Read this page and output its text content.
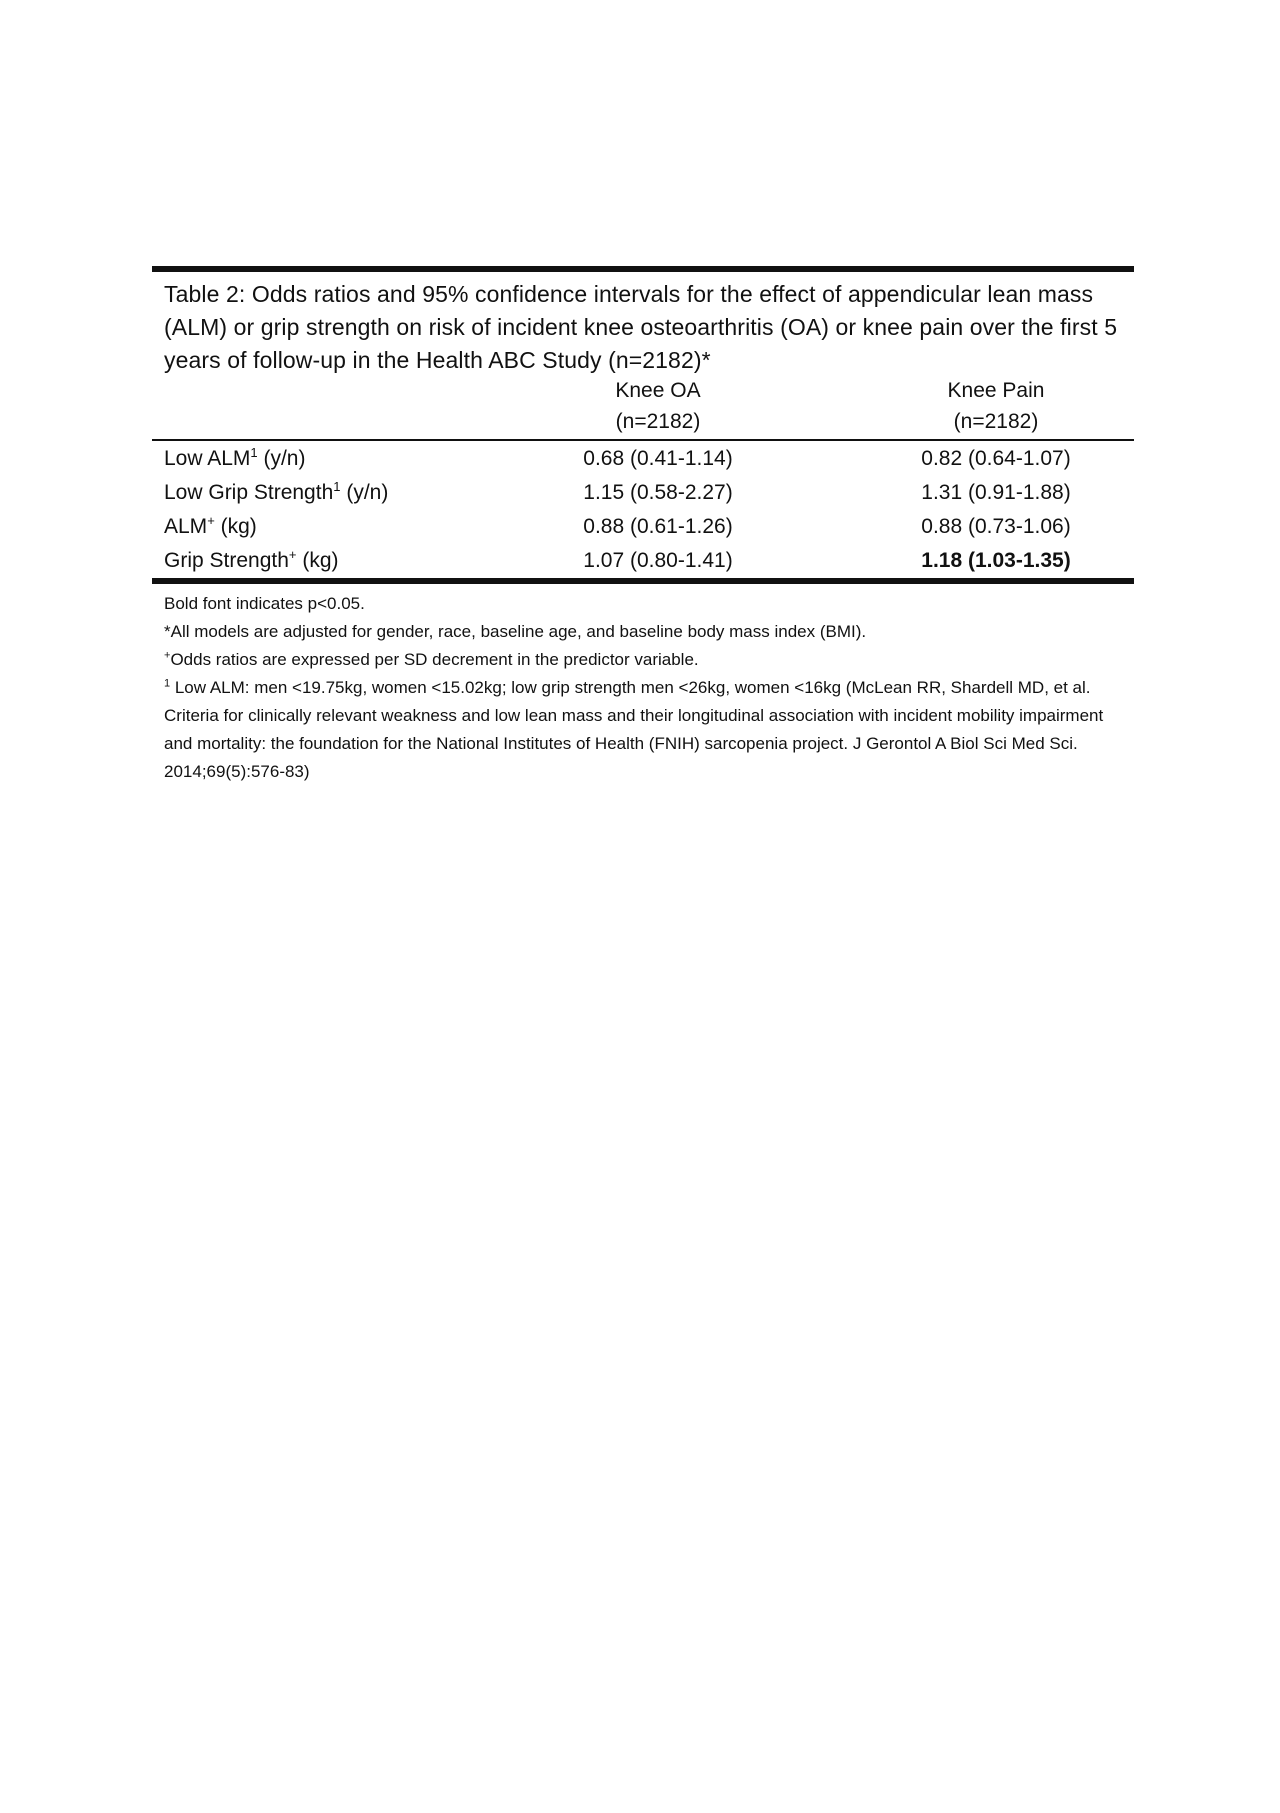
Table 2: Odds ratios and 95% confidence intervals for the effect of appendicular lean mass (ALM) or grip strength on risk of incident knee osteoarthritis (OA) or knee pain over the first 5 years of follow-up in the Health ABC Study (n=2182)*
Knee OA
(n=2182)
Knee Pain
(n=2182)
Low ALM$^1$ (y/n)	0.68 (0.41-1.14)	0.82 (0.64-1.07)
Low Grip Strength$^1$ (y/n)	1.15 (0.58-2.27)	1.31 (0.91-1.88)
ALM+ (kg)	0.88 (0.61-1.26)	0.88 (0.73-1.06)
Grip Strength+ (kg)	1.07 (0.80-1.41)	1.18 (1.03-1.35)

Bold font indicates p<0.05.

*All models are adjusted for gender, race, baseline age, and baseline body mass index (BMI).

+Odds ratios are expressed per SD decrement in the predictor variable.

$^1$ Low ALM: men <19.75kg, women <15.02kg; low grip strength men <26kg, women <16kg (McLean RR, Shardell MD, et al. Criteria for clinically relevant weakness and low lean mass and their longitudinal association with incident mobility impairment and mortality: the foundation for the National Institutes of Health (FNIH) sarcopenia project. J Gerontol A Biol Sci Med Sci. 2014;69(5):576-83)
